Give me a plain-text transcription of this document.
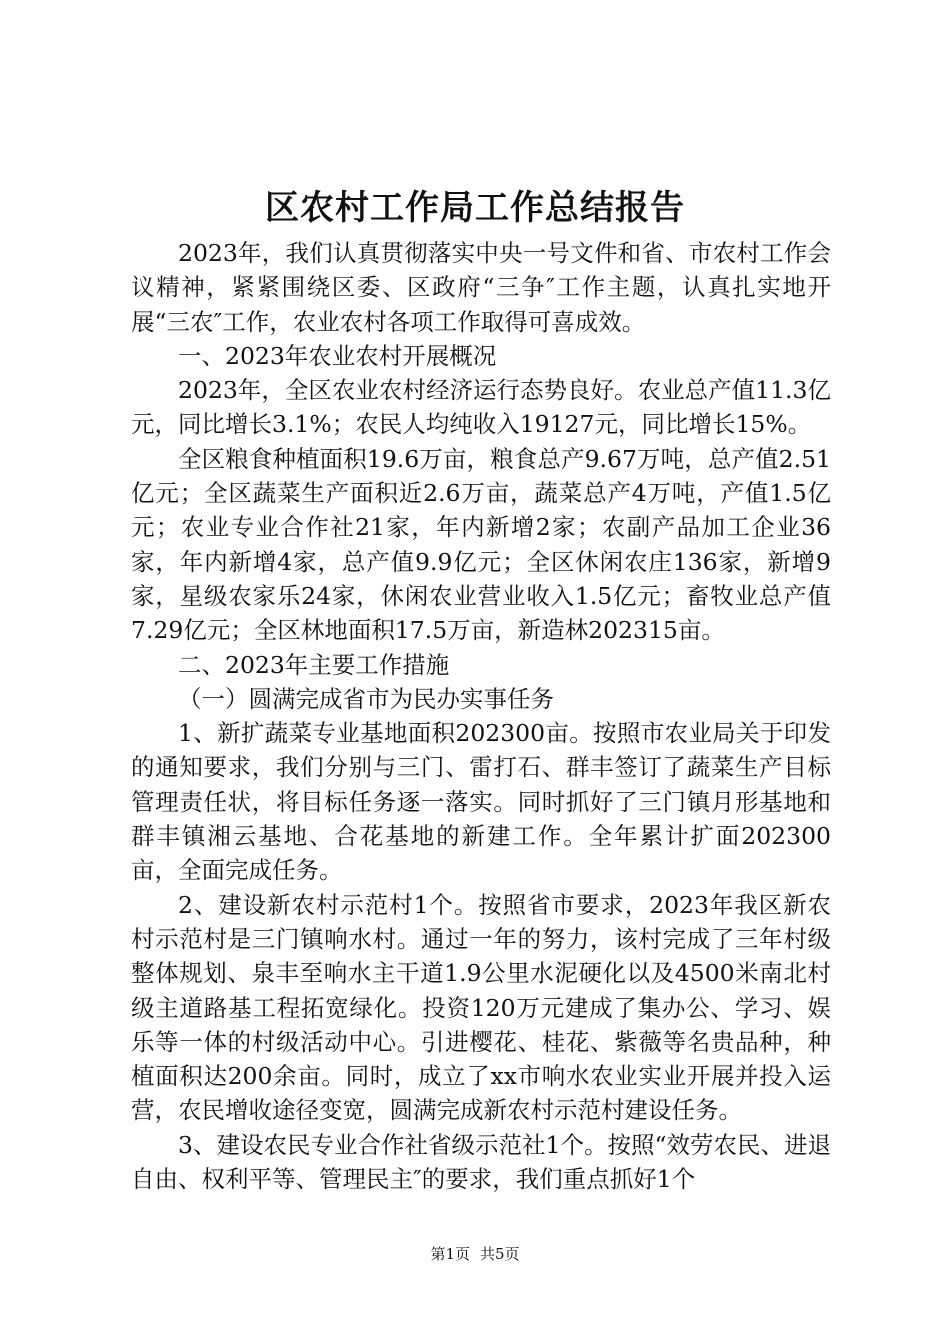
区农村工作局工作总结报告

2023年，我们认真贯彻落实中央一号文件和省、市农村工作会议精神，紧紧围绕区委、区政府“三争″工作主题，认真扎实地开展“三农″工作，农业农村各项工作取得可喜成效。

一、2023年农业农村开展概况

2023年，全区农业农村经济运行态势良好。农业总产值11.3亿元，同比增长3.1%；农民人均纯收入19127元，同比增长15%。

全区粮食种植面积19.6万亩，粮食总产9.67万吨，总产值2.51亿元；全区蔬菜生产面积近2.6万亩，蔬菜总产4万吨，产值1.5亿元；农业专业合作社21家，年内新增2家；农副产品加工企业36家，年内新增4家，总产值9.9亿元；全区休闲农庄136家，新增9家，星级农家乐24家，休闲农业营业收入1.5亿元；畜牧业总产值7.29亿元；全区林地面积17.5万亩，新造林202315亩。

二、2023年主要工作措施

（一）圆满完成省市为民办实事任务

1、新扩蔬菜专业基地面积202300亩。按照市农业局关于印发的通知要求，我们分别与三门、雷打石、群丰签订了蔬菜生产目标管理责任状，将目标任务逐一落实。同时抓好了三门镇月形基地和群丰镇湘云基地、合花基地的新建工作。全年累计扩面202300亩，全面完成任务。

2、建设新农村示范村1个。按照省市要求，2023年我区新农村示范村是三门镇响水村。通过一年的努力，该村完成了三年村级整体规划、泉丰至响水主干道1.9公里水泥硬化以及4500米南北村级主道路基工程拓宽绿化。投资120万元建成了集办公、学习、娱乐等一体的村级活动中心。引进樱花、桂花、紫薇等名贵品种，种植面积达200余亩。同时，成立了xx市响水农业实业开展并投入运营，农民增收途径变宽，圆满完成新农村示范村建设任务。

3、建设农民专业合作社省级示范社1个。按照“效劳农民、进退自由、权利平等、管理民主″的要求，我们重点抓好1个

第1页 共5页
